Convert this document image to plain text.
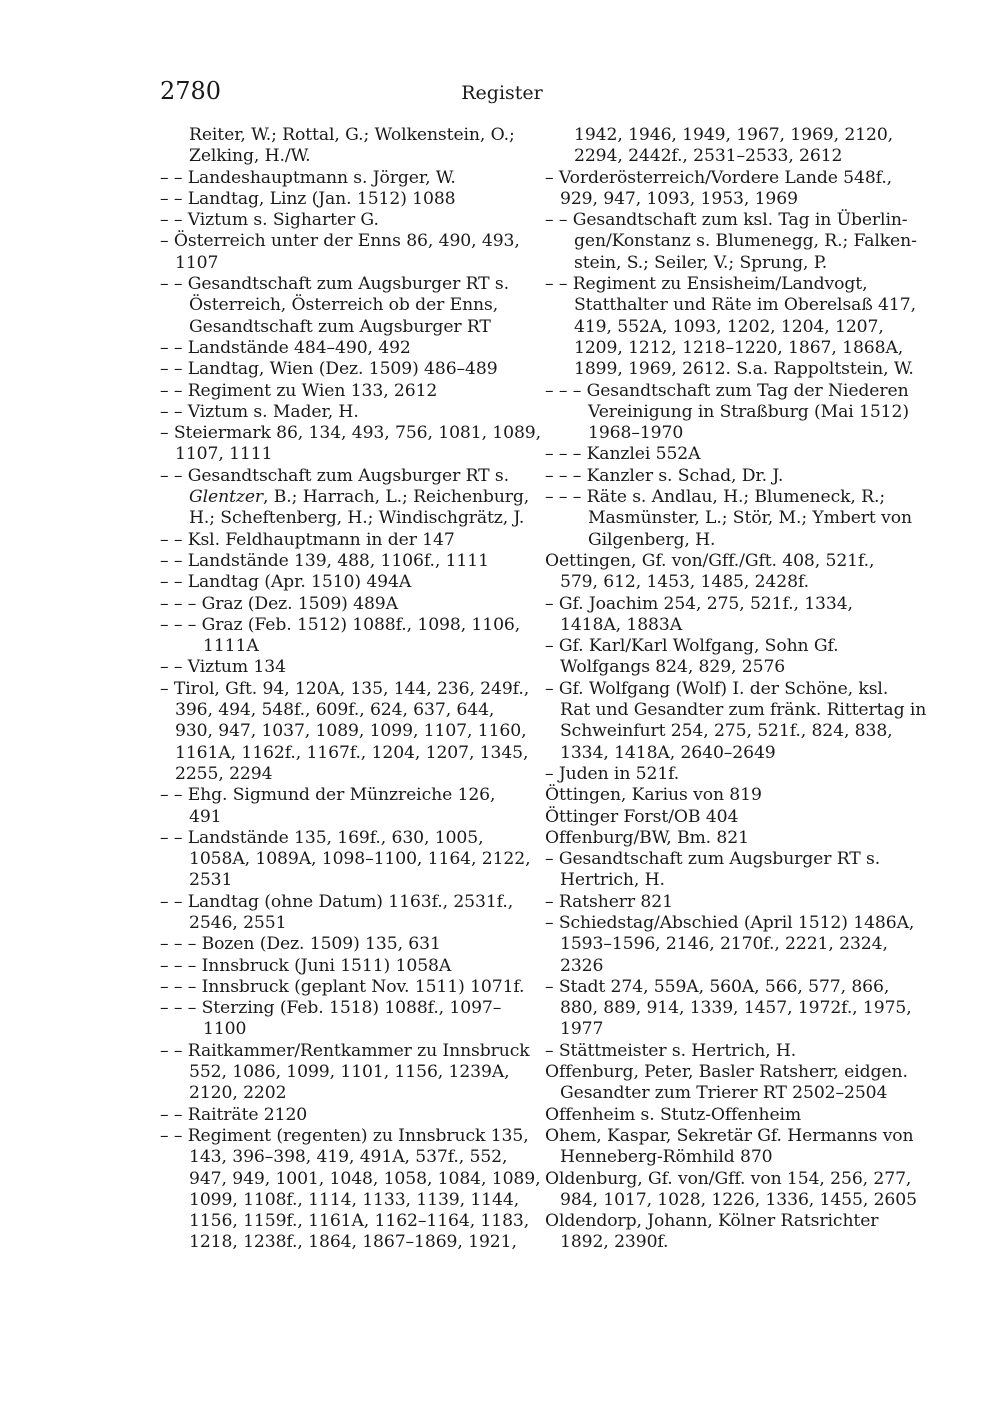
2780	Register
Reiter, W.; Rottal, G.; Wolkenstein, O.;
Zelking, H./W.
– – Landeshauptmann s. Jörger, W.
– – Landtag, Linz (Jan. 1512) 1088
– – Viztum s. Sigharter G.
– Österreich unter der Enns 86, 490, 493,
1107
– – Gesandtschaft zum Augsburger RT s.
Österreich, Österreich ob der Enns,
Gesandtschaft zum Augsburger RT
– – Landstände 484–490, 492
– – Landtag, Wien (Dez. 1509) 486–489
– – Regiment zu Wien 133, 2612
– – Viztum s. Mader, H.
– Steiermark 86, 134, 493, 756, 1081, 1089,
1107, 1111
– – Gesandtschaft zum Augsburger RT s.
Glentzer, B.; Harrach, L.; Reichenburg,
H.; Scheftenberg, H.; Windischgrätz, J.
– – Ksl. Feldhauptmann in der 147
– – Landstände 139, 488, 1106f., 1111
– – Landtag (Apr. 1510) 494A
– – – Graz (Dez. 1509) 489A
– – – Graz (Feb. 1512) 1088f., 1098, 1106,
1111A
– – Viztum 134
– Tirol, Gft. 94, 120A, 135, 144, 236, 249f.,
396, 494, 548f., 609f., 624, 637, 644,
930, 947, 1037, 1089, 1099, 1107, 1160,
1161A, 1162f., 1167f., 1204, 1207, 1345,
2255, 2294
– – Ehg. Sigmund der Münzreiche 126,
491
– – Landstände 135, 169f., 630, 1005,
1058A, 1089A, 1098–1100, 1164, 2122,
2531
– – Landtag (ohne Datum) 1163f., 2531f.,
2546, 2551
– – – Bozen (Dez. 1509) 135, 631
– – – Innsbruck (Juni 1511) 1058A
– – – Innsbruck (geplant Nov. 1511) 1071f.
– – – Sterzing (Feb. 1518) 1088f., 1097–
1100
– – Raitkammer/Rentkammer zu Innsbruck
552, 1086, 1099, 1101, 1156, 1239A,
2120, 2202
– – Raiträte 2120
– – Regiment (regenten) zu Innsbruck 135,
143, 396–398, 419, 491A, 537f., 552,
947, 949, 1001, 1048, 1058, 1084, 1089,
1099, 1108f., 1114, 1133, 1139, 1144,
1156, 1159f., 1161A, 1162–1164, 1183,
1218, 1238f., 1864, 1867–1869, 1921,
1942, 1946, 1949, 1967, 1969, 2120,
2294, 2442f., 2531–2533, 2612
– Vorderösterreich/Vordere Lande 548f.,
929, 947, 1093, 1953, 1969
– – Gesandtschaft zum ksl. Tag in Überlin-
gen/Konstanz s. Blumenegg, R.; Falken-
stein, S.; Seiler, V.; Sprung, P.
– – Regiment zu Ensisheim/Landvogt,
Statthalter und Räte im Oberelsaß 417,
419, 552A, 1093, 1202, 1204, 1207,
1209, 1212, 1218–1220, 1867, 1868A,
1899, 1969, 2612. S.a. Rappoltstein, W.
– – – Gesandtschaft zum Tag der Niederen
Vereinigung in Straßburg (Mai 1512)
1968–1970
– – – Kanzlei 552A
– – – Kanzler s. Schad, Dr. J.
– – – Räte s. Andlau, H.; Blumeneck, R.;
Masmünster, L.; Stör, M.; Ymbert von
Gilgenberg, H.
Oettingen, Gf. von/Gff./Gft. 408, 521f.,
579, 612, 1453, 1485, 2428f.
– Gf. Joachim 254, 275, 521f., 1334,
1418A, 1883A
– Gf. Karl/Karl Wolfgang, Sohn Gf.
Wolfgangs 824, 829, 2576
– Gf. Wolfgang (Wolf) I. der Schöne, ksl.
Rat und Gesandter zum fränk. Rittertag in
Schweinfurt 254, 275, 521f., 824, 838,
1334, 1418A, 2640–2649
– Juden in 521f.
Öttingen, Karius von 819
Öttinger Forst/OB 404
Offenburg/BW, Bm. 821
– Gesandtschaft zum Augsburger RT s.
Hertrich, H.
– Ratsherr 821
– Schiedstag/Abschied (April 1512) 1486A,
1593–1596, 2146, 2170f., 2221, 2324,
2326
– Stadt 274, 559A, 560A, 566, 577, 866,
880, 889, 914, 1339, 1457, 1972f., 1975,
1977
– Stättmeister s. Hertrich, H.
Offenburg, Peter, Basler Ratsherr, eidgen.
Gesandter zum Trierer RT 2502–2504
Offenheim s. Stutz-Offenheim
Ohem, Kaspar, Sekretär Gf. Hermanns von
Henneberg-Römhild 870
Oldenburg, Gf. von/Gff. von 154, 256, 277,
984, 1017, 1028, 1226, 1336, 1455, 2605
Oldendorp, Johann, Kölner Ratsrichter
1892, 2390f.
